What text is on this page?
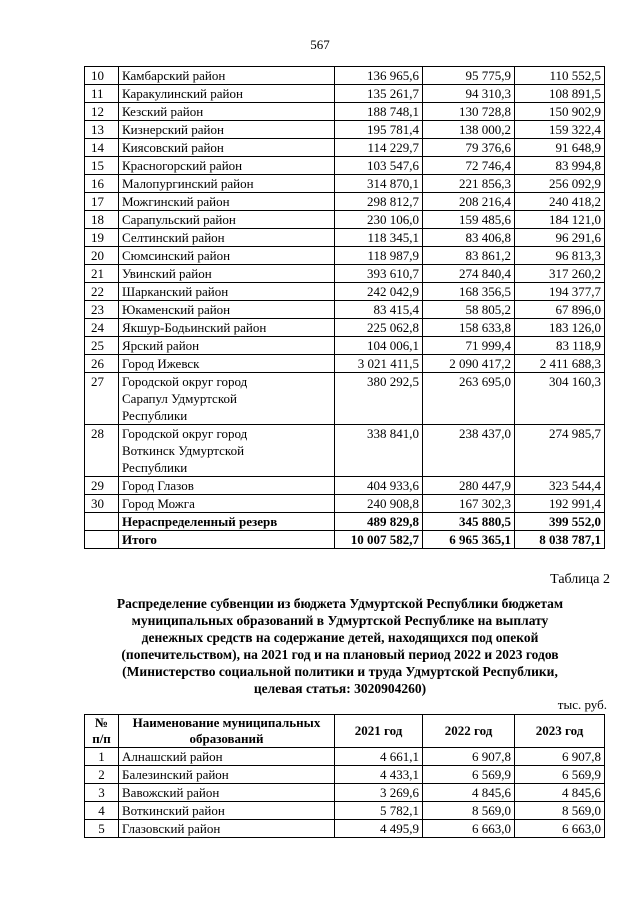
567
10	Камбарский район	136 965,6	95 775,9	110 552,5
11	Каракулинский район	135 261,7	94 310,3	108 891,5
12	Кезский район	188 748,1	130 728,8	150 902,9
13	Кизнерский район	195 781,4	138 000,2	159 322,4
14	Киясовский район	114 229,7	79 376,6	91 648,9
15	Красногорский район	103 547,6	72 746,4	83 994,8
16	Малопургинский район	314 870,1	221 856,3	256 092,9
17	Можгинский район	298 812,7	208 216,4	240 418,2
18	Сарапульский район	230 106,0	159 485,6	184 121,0
19	Селтинский район	118 345,1	83 406,8	96 291,6
20	Сюмсинский район	118 987,9	83 861,2	96 813,3
21	Увинский район	393 610,7	274 840,4	317 260,2
22	Шарканский район	242 042,9	168 356,5	194 377,7
23	Юкаменский район	83 415,4	58 805,2	67 896,0
24	Якшур-Бодьинский район	225 062,8	158 633,8	183 126,0
25	Ярский район	104 006,1	71 999,4	83 118,9
26	Город Ижевск	3 021 411,5	2 090 417,2	2 411 688,3
27	Городской округ город
Сарапул Удмуртской
Республики	380 292,5	263 695,0	304 160,3
28	Городской округ город
Воткинск Удмуртской
Республики	338 841,0	238 437,0	274 985,7
29	Город Глазов	404 933,6	280 447,9	323 544,4
30	Город Можга	240 908,8	167 302,3	192 991,4
	Нераспределенный резерв	489 829,8	345 880,5	399 552,0
	Итого	10 007 582,7	6 965 365,1	8 038 787,1
Таблица 2
Распределение субвенции из бюджета Удмуртской Республики бюджетам
муниципальных образований в Удмуртской Республике на выплату
денежных средств на содержание детей, находящихся под опекой
(попечительством), на 2021 год и на плановый период 2022 и 2023 годов
(Министерство социальной политики и труда Удмуртской Республики,
целевая статья: 3020904260)
тыс. руб.
№
п/п	Наименование муниципальных
образований	2021 год	2022 год	2023 год
1	Алнашский район	4 661,1	6 907,8	6 907,8
2	Балезинский район	4 433,1	6 569,9	6 569,9
3	Вавожский район	3 269,6	4 845,6	4 845,6
4	Воткинский район	5 782,1	8 569,0	8 569,0
5	Глазовский район	4 495,9	6 663,0	6 663,0
